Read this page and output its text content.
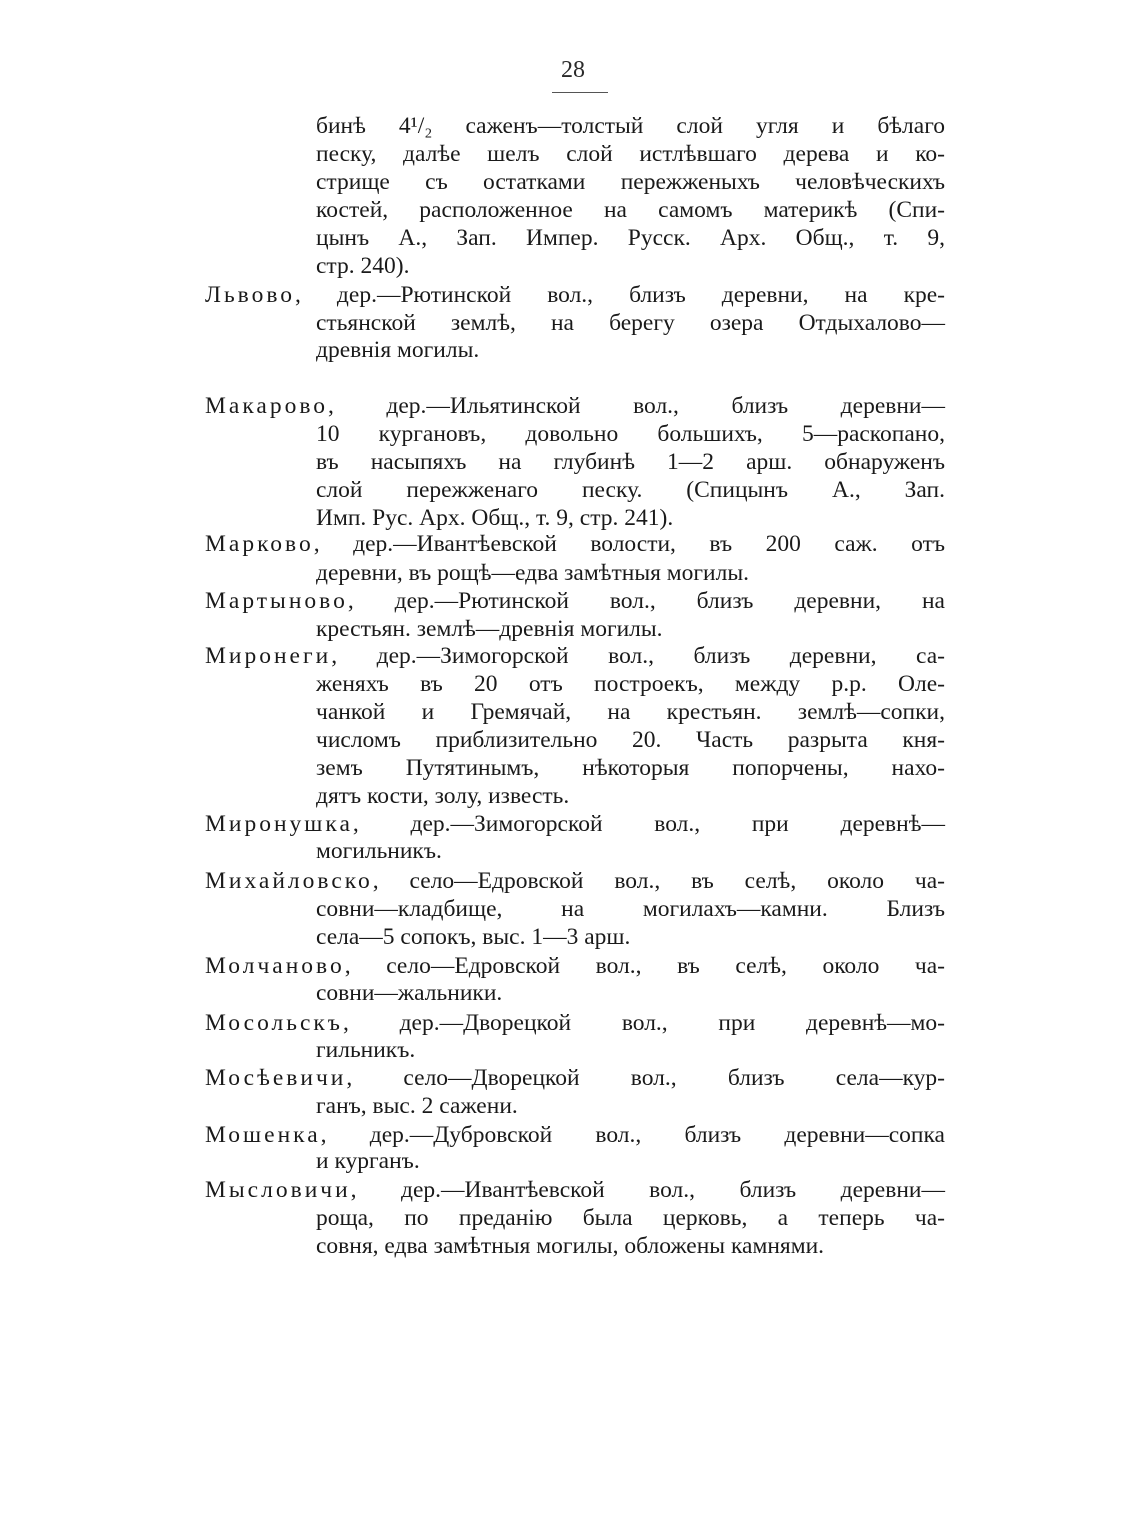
28
бинѣ 4¹/₂ саженъ—толстый слой угля и бѣлаго
песку, далѣе шелъ слой истлѣвшаго дерева и ко-
стрище съ остатками пережженыхъ человѣческихъ
костей, расположенное на самомъ материкѣ (Спи-
цынъ А., Зап. Импер. Русск. Арх. Общ., т. 9,
стр. 240).
Львово, дер.—Рютинской вол., близъ деревни, на кре-
стьянской землѣ, на берегу озера Отдыхалово—
древнія могилы.
Макарово, дер.—Ильятинской вол., близъ деревни—
10 кургановъ, довольно большихъ, 5—раскопано,
въ насыпяхъ на глубинѣ 1—2 арш. обнаруженъ
слой пережженаго песку. (Спицынъ А., Зап.
Имп. Рус. Арх. Общ., т. 9, стр. 241).
Марково, дер.—Ивантѣевской волости, въ 200 саж. отъ
деревни, въ рощѣ—едва замѣтныя могилы.
Мартыново, дер.—Рютинской вол., близъ деревни, на
крестьян. землѣ—древнія могилы.
Миронеги, дер.—Зимогорской вол., близъ деревни, са-
женяхъ въ 20 отъ построекъ, между р.р. Оле-
чанкой и Гремячай, на крестьян. землѣ—сопки,
числомъ приблизительно 20. Часть разрыта кня-
земъ Путятинымъ, нѣкоторыя попорчены, нахо-
дятъ кости, золу, известь.
Миронушка, дер.—Зимогорской вол., при деревнѣ—
могильникъ.
Михайловско, село—Едровской вол., въ селѣ, около ча-
совни—кладбище, на могилахъ—камни. Близъ
села—5 сопокъ, выс. 1—3 арш.
Молчаново, село—Едровской вол., въ селѣ, около ча-
совни—жальники.
Мосольскъ, дер.—Дворецкой вол., при деревнѣ—мо-
гильникъ.
Мосѣевичи, село—Дворецкой вол., близъ села—кур-
ганъ, выс. 2 сажени.
Мошенка, дер.—Дубровской вол., близъ деревни—сопка
и курганъ.
Мысловичи, дер.—Ивантѣевской вол., близъ деревни—
роща, по преданію была церковь, а теперь ча-
совня, едва замѣтныя могилы, обложены камнями.
